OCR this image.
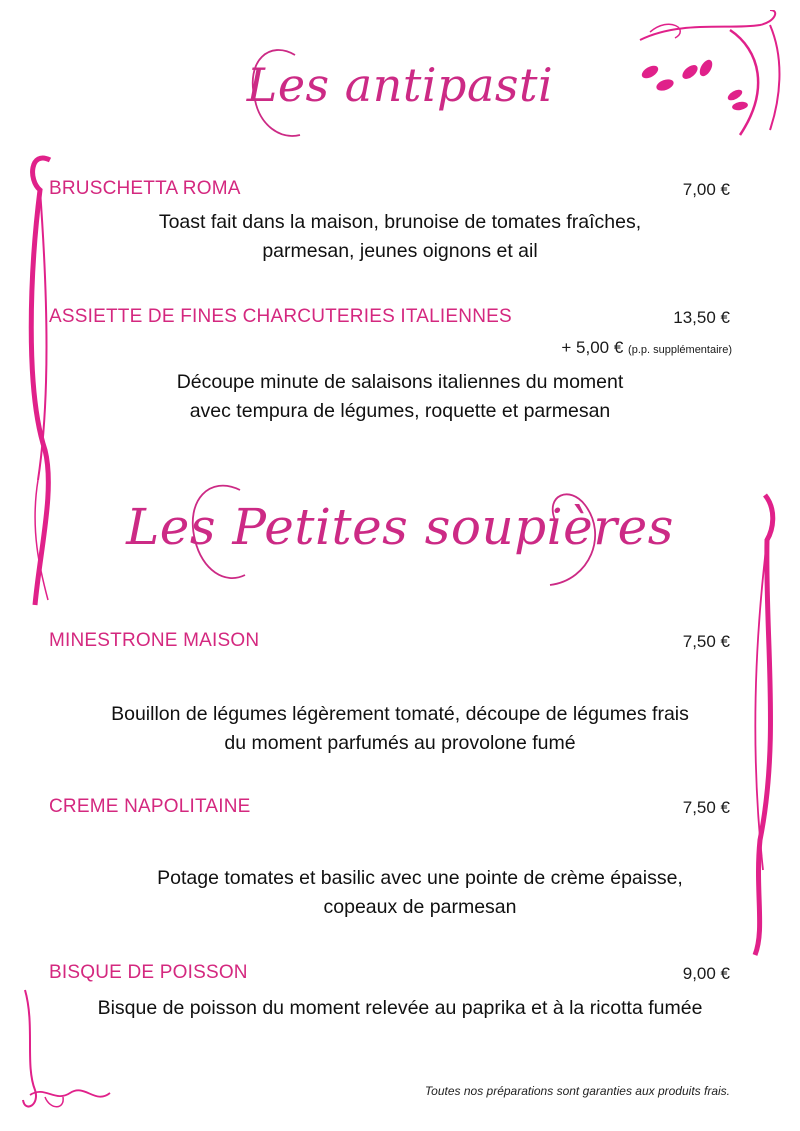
Les antipasti
BRUSCHETTA ROMA	7,00 €
Toast fait dans la maison, brunoise de tomates fraîches,
parmesan, jeunes oignons et ail
ASSIETTE DE FINES CHARCUTERIES ITALIENNES	13,50 €
+ 5,00 € (p.p. supplémentaire)
Découpe minute de salaisons italiennes du moment
avec tempura de légumes, roquette et parmesan
Les Petites soupières
MINESTRONE MAISON	7,50 €
Bouillon de légumes légèrement tomaté, découpe de légumes frais
du moment parfumés au provolone fumé
CREME NAPOLITAINE	7,50 €
Potage tomates et basilic avec une pointe de crème épaisse,
copeaux de parmesan
BISQUE DE POISSON	9,00 €
Bisque de poisson du moment relevée au paprika et à la ricotta fumée
Toutes nos préparations sont garanties aux produits frais.
